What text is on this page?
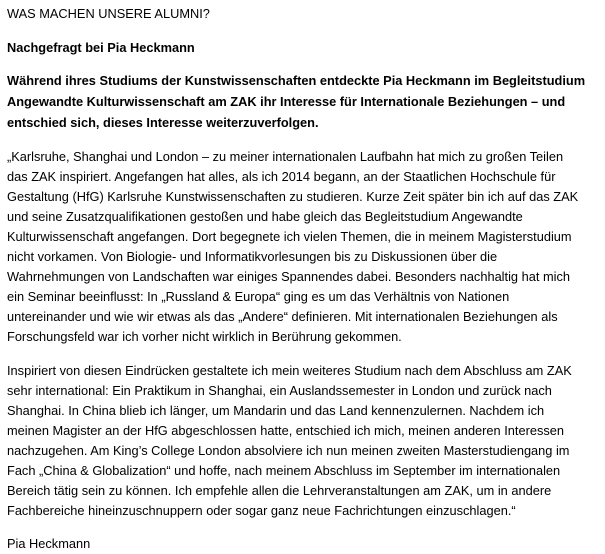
WAS MACHEN UNSERE ALUMNI?
Nachgefragt bei Pia Heckmann
Während ihres Studiums der Kunstwissenschaften entdeckte Pia Heckmann im Begleitstudium
Angewandte Kulturwissenschaft am ZAK ihr Interesse für Internationale Beziehungen – und
entschied sich, dieses Interesse weiterzuverfolgen.
„Karlsruhe, Shanghai und London – zu meiner internationalen Laufbahn hat mich zu großen Teilen
das ZAK inspiriert. Angefangen hat alles, als ich 2014 begann, an der Staatlichen Hochschule für
Gestaltung (HfG) Karlsruhe Kunstwissenschaften zu studieren. Kurze Zeit später bin ich auf das ZAK
und seine Zusatzqualifikationen gestoßen und habe gleich das Begleitstudium Angewandte
Kulturwissenschaft angefangen. Dort begegnete ich vielen Themen, die in meinem Magisterstudium
nicht vorkamen. Von Biologie- und Informatikvorlesungen bis zu Diskussionen über die
Wahrnehmungen von Landschaften war einiges Spannendes dabei. Besonders nachhaltig hat mich
ein Seminar beeinflusst: In „Russland & Europa“ ging es um das Verhältnis von Nationen
untereinander und wie wir etwas als das „Andere“ definieren. Mit internationalen Beziehungen als
Forschungsfeld war ich vorher nicht wirklich in Berührung gekommen.
Inspiriert von diesen Eindrücken gestaltete ich mein weiteres Studium nach dem Abschluss am ZAK
sehr international: Ein Praktikum in Shanghai, ein Auslandssemester in London und zurück nach
Shanghai. In China blieb ich länger, um Mandarin und das Land kennenzulernen. Nachdem ich
meinen Magister an der HfG abgeschlossen hatte, entschied ich mich, meinen anderen Interessen
nachzugehen. Am King’s College London absolviere ich nun meinen zweiten Masterstudiengang im
Fach „China & Globalization“ und hoffe, nach meinem Abschluss im September im internationalen
Bereich tätig sein zu können. Ich empfehle allen die Lehrveranstaltungen am ZAK, um in andere
Fachbereiche hineinzuschnuppern oder sogar ganz neue Fachrichtungen einzuschlagen.“
Pia Heckmann
